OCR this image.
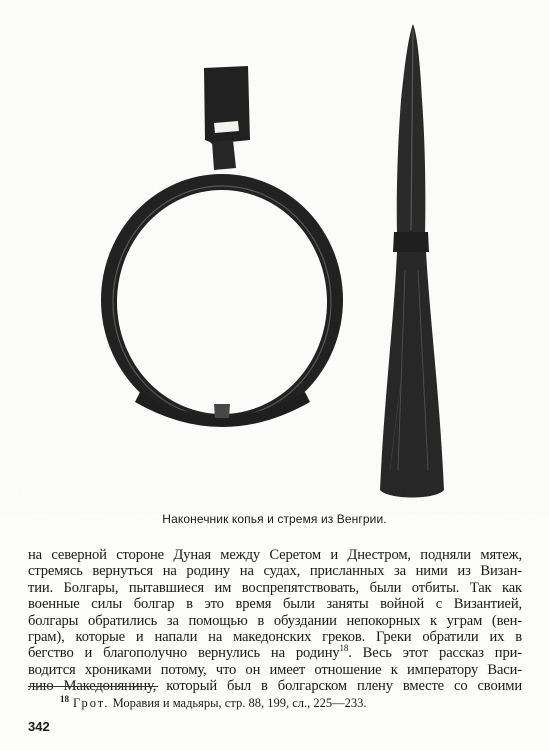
Наконечник копья и стремя из Венгрии.
на северной стороне Дуная между Серетом и Днестром, подняли мятеж,
стремясь вернуться на родину на судах, присланных за ними из Визан-
тии. Болгары, пытавшиеся им воспрепятствовать, были отбиты. Так как
военные силы болгар в это время были заняты войной с Византией,
болгары обратились за помощью в обуздании непокорных к уграм (вен-
грам), которые и напали на македонских греков. Греки обратили их в
бегство и благополучно вернулись на родину$^{18}$. Весь этот рассказ при-
водится хрониками потому, что он имеет отношение к императору Васи-
лию Македонянину, который был в болгарском плену вместе со своими
$^{18}$ Грот. Моравия и мадьяры, стр. 88, 199, сл., 225—233.
342
